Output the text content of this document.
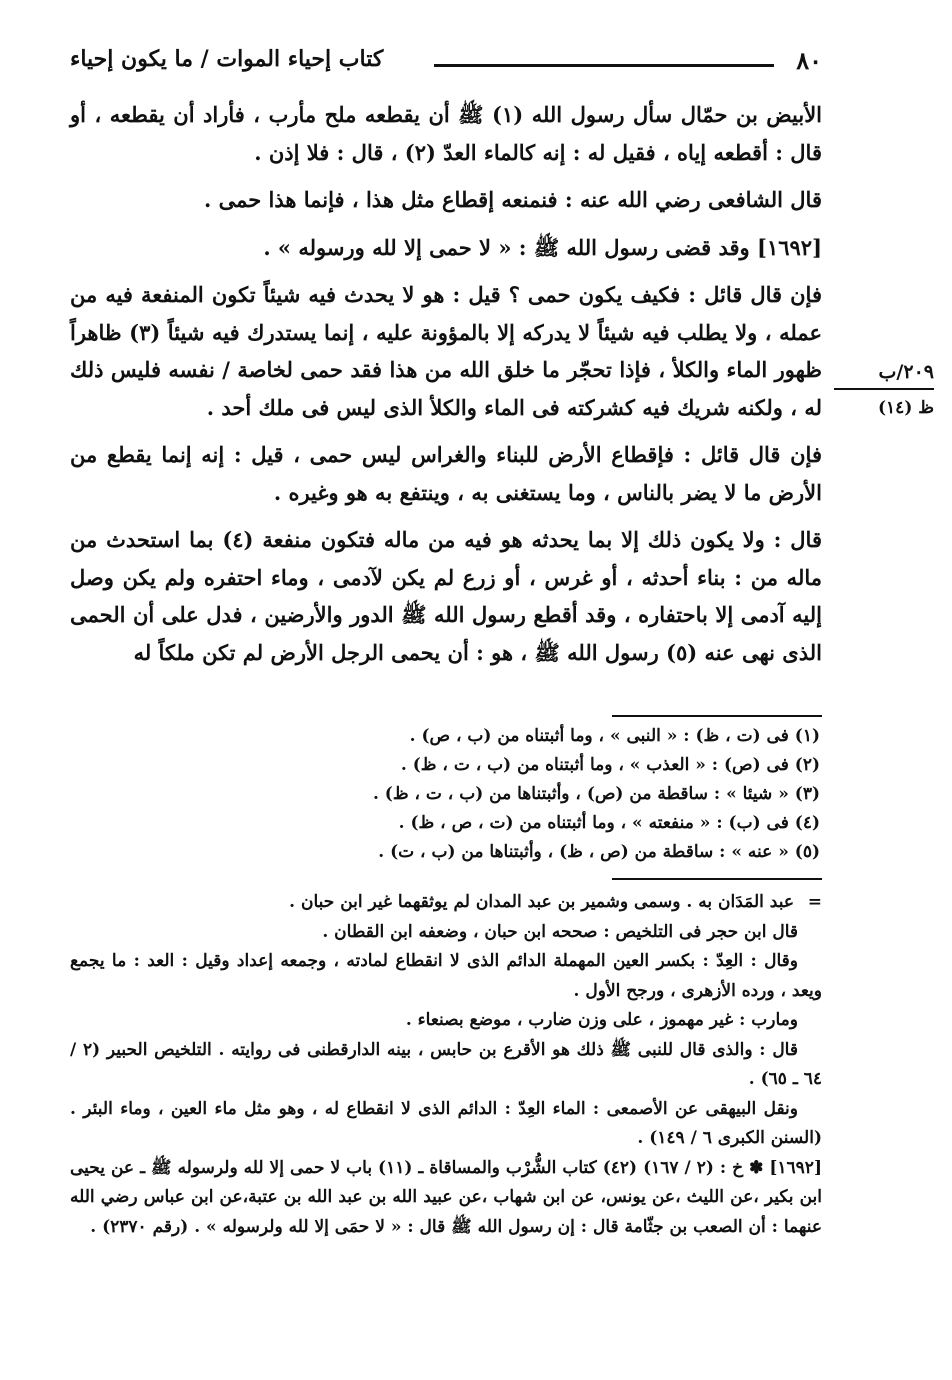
٨٠
كتاب إحياء الموات / ما يكون إحياء
٢٠٩/ب
ظ (١٤)

الأبيض بن حمّال سأل رسول الله (١) ﷺ أن يقطعه ملح مأرب ، فأراد أن يقطعه ، أو قال : أقطعه إياه ، فقيل له : إنه كالماء العدّ (٢) ، قال : فلا إذن .

قال الشافعى رضي الله عنه : فنمنعه إقطاع مثل هذا ، فإنما هذا حمى .

[١٦٩٢] وقد قضى رسول الله ﷺ : « لا حمى إلا لله ورسوله » .

فإن قال قائل : فكيف يكون حمى ؟ قيل : هو لا يحدث فيه شيئاً تكون المنفعة فيه من عمله ، ولا يطلب فيه شيئاً لا يدركه إلا بالمؤونة عليه ، إنما يستدرك فيه شيئاً (٣) ظاهراً ظهور الماء والكلأ ، فإذا تحجّر ما خلق الله من هذا فقد حمى لخاصة / نفسه فليس ذلك له ، ولكنه شريك فيه كشركته فى الماء والكلأ الذى ليس فى ملك أحد .

فإن قال قائل : فإقطاع الأرض للبناء والغراس ليس حمى ، قيل : إنه إنما يقطع من الأرض ما لا يضر بالناس ، وما يستغنى به ، وينتفع به هو وغيره .

قال : ولا يكون ذلك إلا بما يحدثه هو فيه من ماله فتكون منفعة (٤) بما استحدث من ماله من : بناء أحدثه ، أو غرس ، أو زرع لم يكن لآدمى ، وماء احتفره ولم يكن وصل إليه آدمى إلا باحتفاره ، وقد أقطع رسول الله ﷺ الدور والأرضين ، فدل على أن الحمى الذى نهى عنه (٥) رسول الله ﷺ ، هو : أن يحمى الرجل الأرض لم تكن ملكاً له

(١) فى (ت ، ظ) : « النبى » ، وما أثبتناه من (ب ، ص) .

(٢) فى (ص) : « العذب » ، وما أثبتناه من (ب ، ت ، ظ) .

(٣) « شيئا » : ساقطة من (ص) ، وأثبتناها من (ب ، ت ، ظ) .

(٤) فى (ب) : « منفعته » ، وما أثبتناه من (ت ، ص ، ظ) .

(٥) « عنه » : ساقطة من (ص ، ظ) ، وأثبتناها من (ب ، ت) .

=

عبد المَدَان به . وسمى وشمير بن عبد المدان لم يوثقهما غير ابن حبان .

قال ابن حجر فى التلخيص : صححه ابن حبان ، وضعفه ابن القطان .

وقال : العِدّ : بكسر العين المهملة الدائم الذى لا انقطاع لمادته ، وجمعه إعداد وقيل : العد : ما يجمع ويعد ، ورده الأزهرى ، ورجح الأول .

ومارب : غير مهموز ، على وزن ضارب ، موضع بصنعاء .

قال : والذى قال للنبى ﷺ ذلك هو الأقرع بن حابس ، بينه الدارقطنى فى روايته . التلخيص الحبير (٢ / ٦٤ ـ ٦٥) .

ونقل البيهقى عن الأصمعى : الماء العِدّ : الدائم الذى لا انقطاع له ، وهو مثل ماء العين ، وماء البئر . (السنن الكبرى ٦ / ١٤٩) .

[١٦٩٢] ✽ خ : (٢ / ١٦٧) (٤٢) كتاب الشُّرْب والمساقاة ـ (١١) باب لا حمى إلا لله ولرسوله ﷺ ـ عن يحيى ابن بكير ،عن الليث ،عن يونس، عن ابن شهاب ،عن عبيد الله بن عبد الله بن عتبة،عن ابن عباس رضي الله عنهما : أن الصعب بن جثّامة قال : إن رسول الله ﷺ قال : « لا حمَى إلا لله ولرسوله » . (رقم ٢٣٧٠) .
